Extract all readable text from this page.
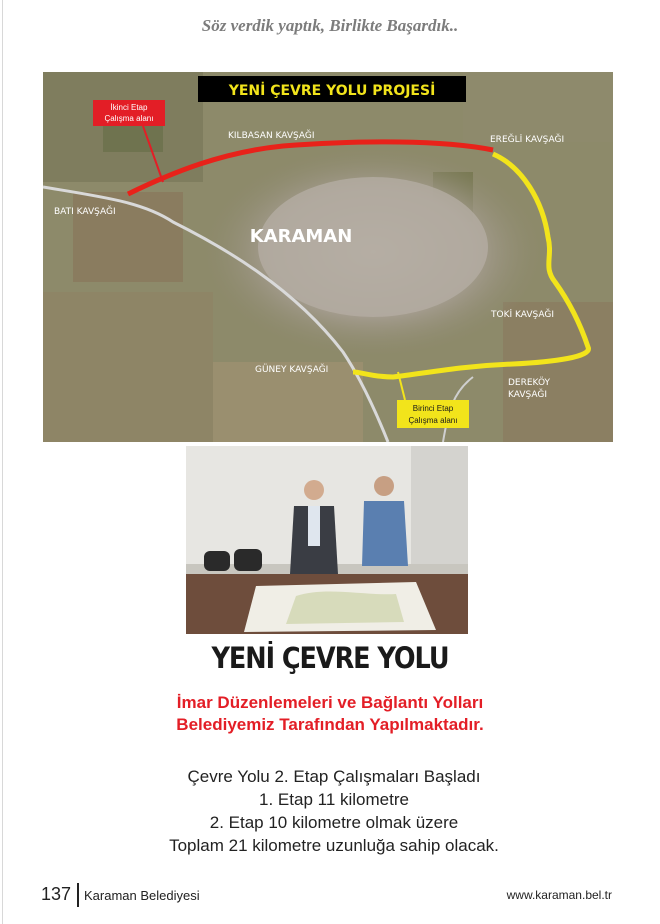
Söz verdik yaptık, Birlikte Başardık..
YENİ ÇEVRE YOLU PROJESİ
KARAMAN
BATI KAVŞAĞI
KILBASAN KAVŞAĞI	EREĞLİ KAVŞAĞI
TOKİ KAVŞAĞI
DEREKÖY
KAVŞAĞI
GÜNEY KAVŞAĞI
İkinci Etap
Çalışma alanı
Birinci Etap
Çalışma alanı
YENİ ÇEVRE YOLU
İmar Düzenlemeleri ve Bağlantı Yolları
Belediyemiz Tarafından Yapılmaktadır.
Çevre Yolu 2. Etap Çalışmaları Başladı
1. Etap 11 kilometre
2. Etap 10 kilometre olmak üzere
Toplam 21 kilometre uzunluğa sahip olacak.
137 Karaman Belediyesi	www.karaman.bel.tr
